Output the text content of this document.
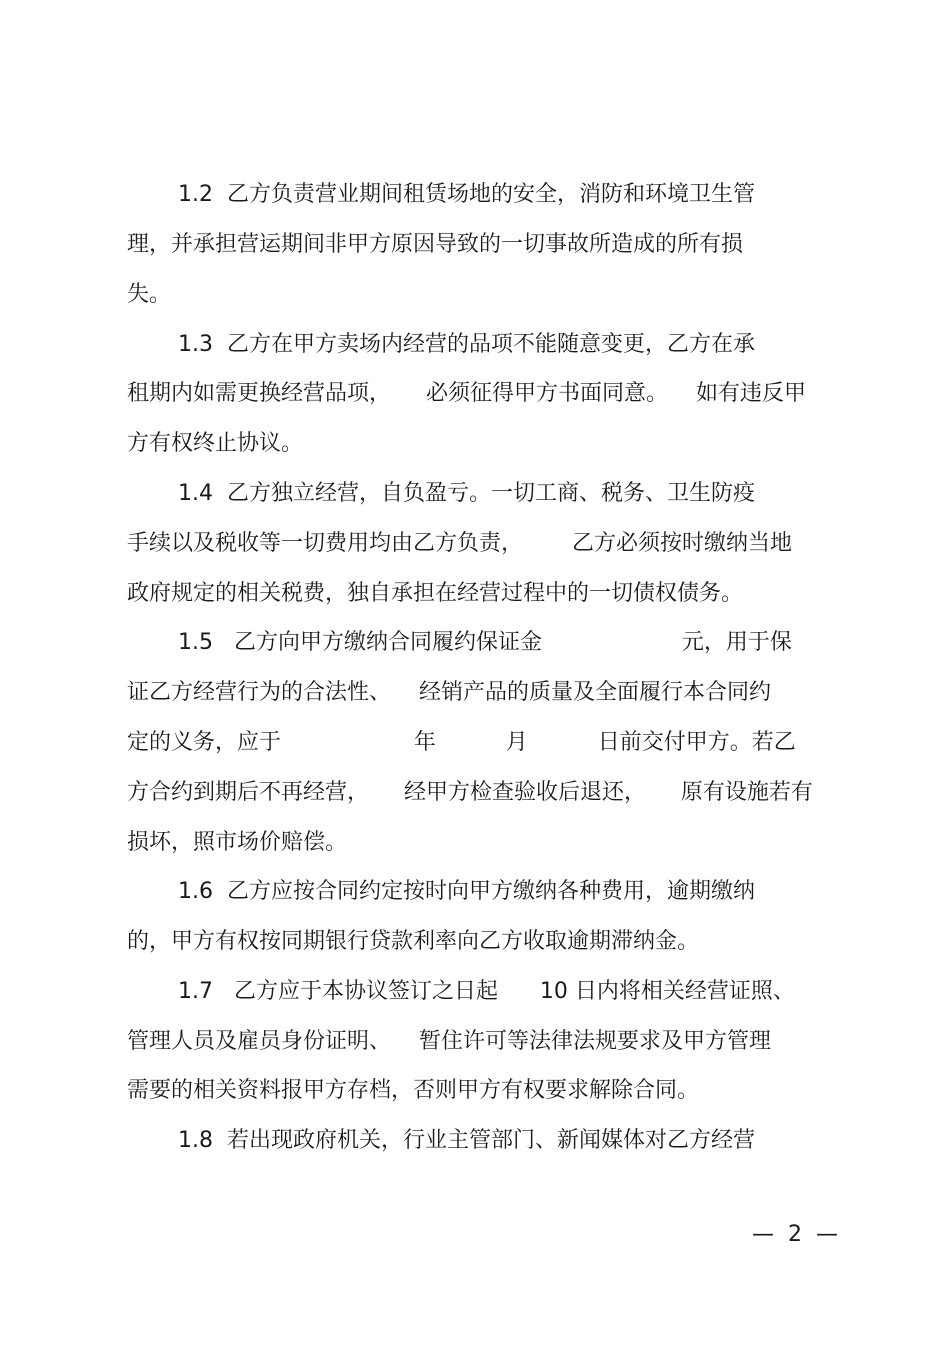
1.2  乙方负责营业期间租赁场地的安全，消防和环境卫生管

理，并承担营运期间非甲方原因导致的一切事故所造成的所有损

失。

1.3  乙方在甲方卖场内经营的品项不能随意变更，乙方在承

租期内如需更换经营品项，     必须征得甲方书面同意。    如有违反甲

方有权终止协议。

1.4  乙方独立经营，自负盈亏。一切工商、税务、卫生防疫

手续以及税收等一切费用均由乙方负责，       乙方必须按时缴纳当地

政府规定的相关税费，独自承担在经营过程中的一切债权债务。

1.5   乙方向甲方缴纳合同履约保证金                    元，用于保

证乙方经营行为的合法性、    经销产品的质量及全面履行本合同约

定的义务，应于                   年          月          日前交付甲方。若乙

方合约到期后不再经营，     经甲方检查验收后退还，     原有设施若有

损坏，照市场价赔偿。

1.6  乙方应按合同约定按时向甲方缴纳各种费用，逾期缴纳

的，甲方有权按同期银行贷款利率向乙方收取逾期滞纳金。

1.7   乙方应于本协议签订之日起      10 日内将相关经营证照、

管理人员及雇员身份证明、    暂住许可等法律法规要求及甲方管理

需要的相关资料报甲方存档，否则甲方有权要求解除合同。

1.8  若出现政府机关，行业主管部门、新闻媒体对乙方经营

—  2  —
